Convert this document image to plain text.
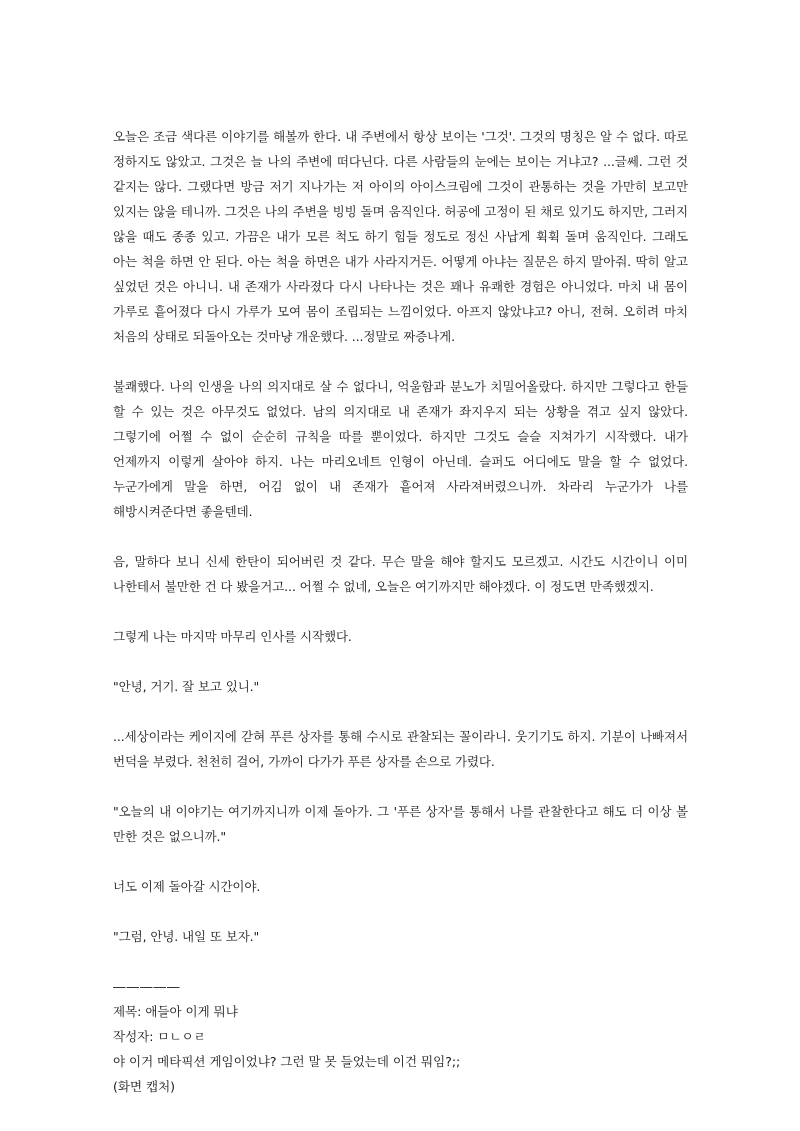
오늘은 조금 색다른 이야기를 해볼까 한다. 내 주변에서 항상 보이는 '그것'. 그것의 명칭은 알 수 없다. 따로 정하지도 않았고. 그것은 늘 나의 주변에 떠다닌다. 다른 사람들의 눈에는 보이는 거냐고? ...글쎄. 그런 것 같지는 않다. 그랬다면 방금 저기 지나가는 저 아이의 아이스크림에 그것이 관통하는 것을 가만히 보고만 있지는 않을 테니까. 그것은 나의 주변을 빙빙 돌며 움직인다. 허공에 고정이 된 채로 있기도 하지만, 그러지 않을 때도 종종 있고. 가끔은 내가 모른 척도 하기 힘들 정도로 정신 사납게 휙휙 돌며 움직인다. 그래도 아는 척을 하면 안 된다. 아는 척을 하면은 내가 사라지거든. 어떻게 아냐는 질문은 하지 말아줘. 딱히 알고 싶었던 것은 아니니. 내 존재가 사라졌다 다시 나타나는 것은 꽤나 유쾌한 경험은 아니었다. 마치 내 몸이 가루로 흩어졌다 다시 가루가 모여 몸이 조립되는 느낌이었다. 아프지 않았냐고? 아니, 전혀. 오히려 마치 처음의 상태로 되돌아오는 것마냥 개운했다. ...정말로 짜증나게.

불쾌했다. 나의 인생을 나의 의지대로 살 수 없다니, 억울함과 분노가 치밀어올랐다. 하지만 그렇다고 한들 할 수 있는 것은 아무것도 없었다. 남의 의지대로 내 존재가 좌지우지 되는 상황을 겪고 싶지 않았다. 그렇기에 어쩔 수 없이 순순히 규칙을 따를 뿐이었다. 하지만 그것도 슬슬 지쳐가기 시작했다. 내가 언제까지 이렇게 살아야 하지. 나는 마리오네트 인형이 아닌데. 슬퍼도 어디에도 말을 할 수 없었다. 누군가에게 말을 하면, 어김 없이 내 존재가 흩어져 사라져버렸으니까. 차라리 누군가가 나를 해방시켜준다면 좋을텐데.

음, 말하다 보니 신세 한탄이 되어버린 것 같다. 무슨 말을 해야 할지도 모르겠고. 시간도 시간이니 이미 나한테서 불만한 건 다 봤을거고... 어쩔 수 없네, 오늘은 여기까지만 해야겠다. 이 정도면 만족했겠지.

그렇게 나는 마지막 마무리 인사를 시작했다.

"안녕, 거기. 잘 보고 있니."

...세상이라는 케이지에 갇혀 푸른 상자를 통해 수시로 관찰되는 꼴이라니. 웃기기도 하지. 기분이 나빠져서 번덕을 부렸다. 천천히 걸어, 가까이 다가가 푸른 상자를 손으로 가렸다.

"오늘의 내 이야기는 여기까지니까 이제 돌아가. 그 '푸른 상자'를 통해서 나를 관찰한다고 해도 더 이상 볼 만한 것은 없으니까."

너도 이제 돌아갈 시간이야.

"그럼, 안녕. 내일 또 보자."

―――――

제목: 애들아 이게 뭐냐

작성자: ㅁㄴㅇㄹ

야 이거 메타픽션 게임이었냐? 그런 말 못 들었는데 이건 뭐임?;;

(화면 캡처)
